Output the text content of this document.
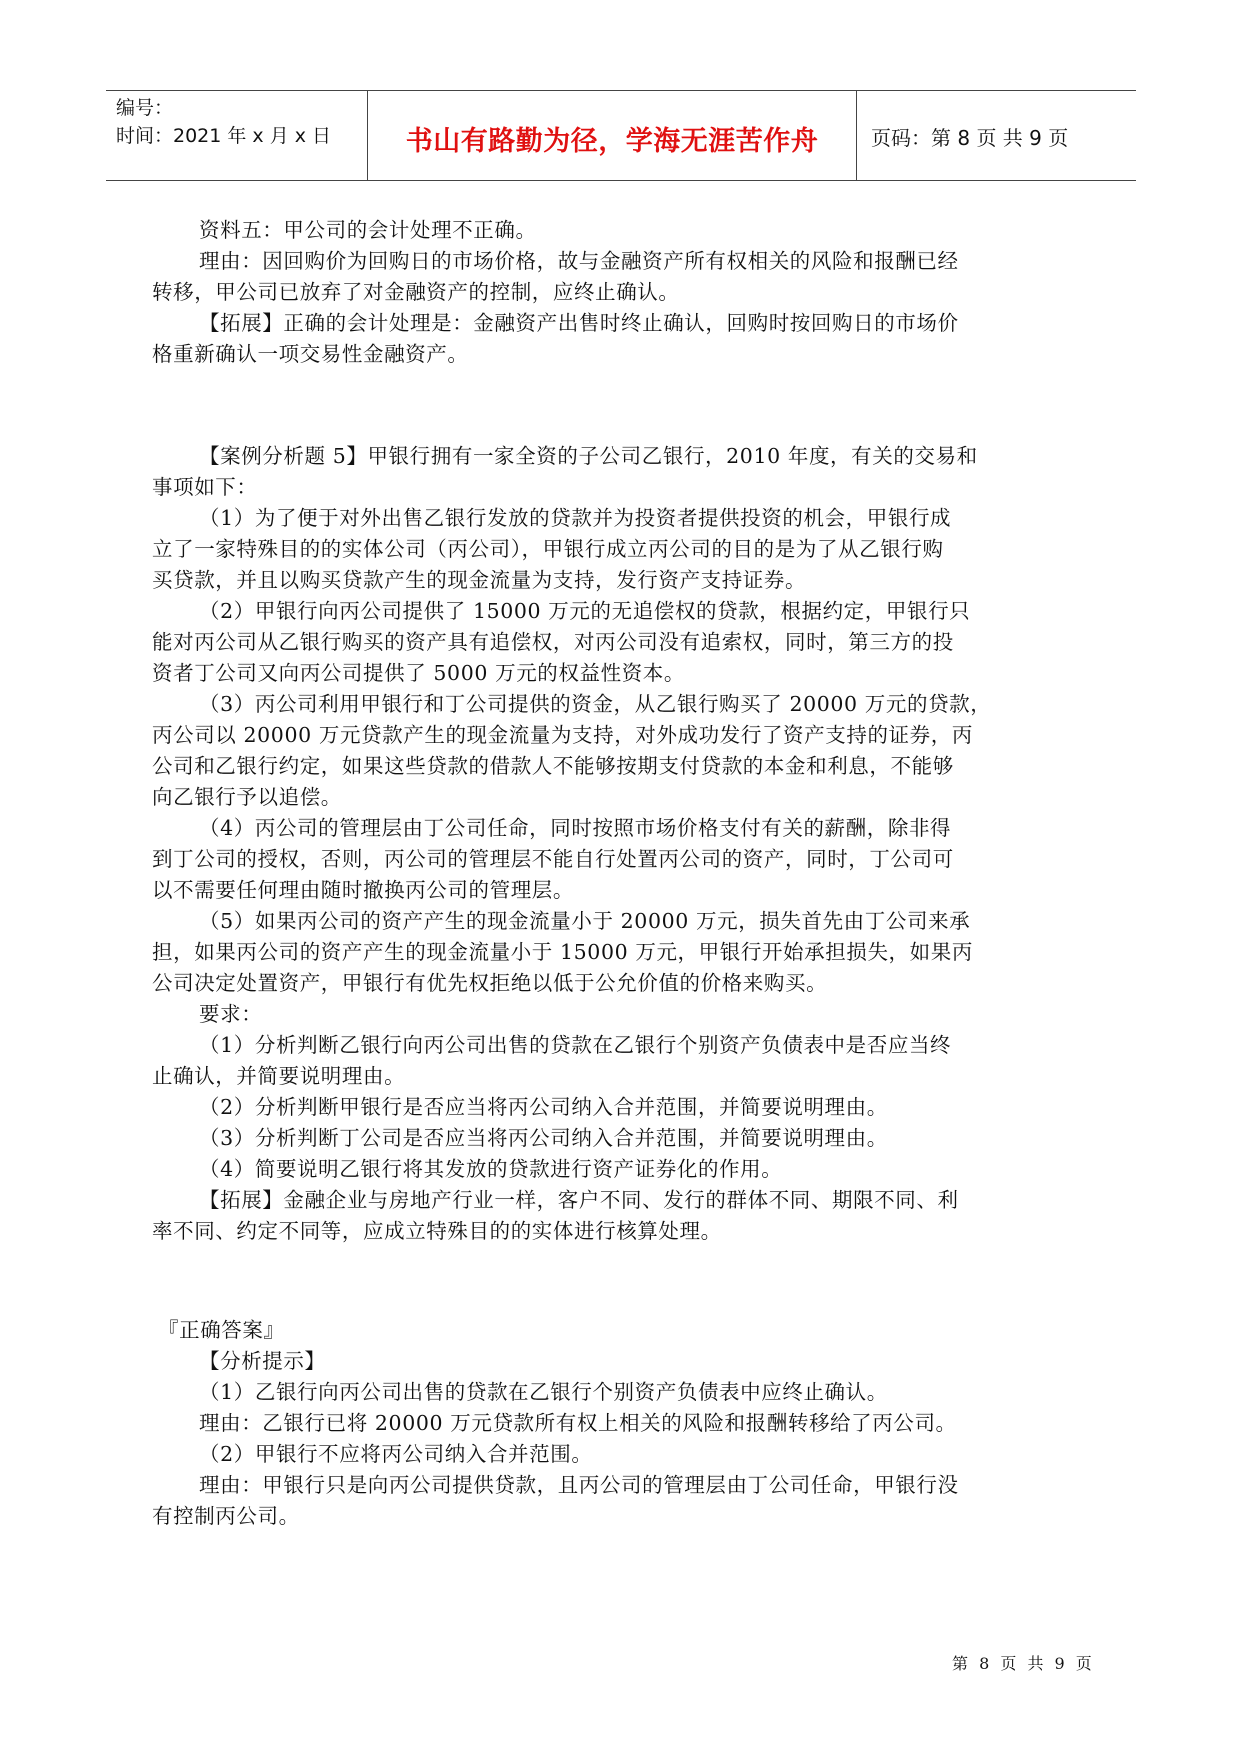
编号：
时间：2021 年 x 月 x 日	书山有路勤为径，学海无涯苦作舟	页码：第 8 页 共 9 页
资料五：甲公司的会计处理不正确。
理由：因回购价为回购日的市场价格，故与金融资产所有权相关的风险和报酬已经
转移，甲公司已放弃了对金融资产的控制，应终止确认。
【拓展】正确的会计处理是：金融资产出售时终止确认，回购时按回购日的市场价
格重新确认一项交易性金融资产。
【案例分析题 5】甲银行拥有一家全资的子公司乙银行，2010 年度，有关的交易和
事项如下：
（1）为了便于对外出售乙银行发放的贷款并为投资者提供投资的机会，甲银行成
立了一家特殊目的的实体公司（丙公司），甲银行成立丙公司的目的是为了从乙银行购
买贷款，并且以购买贷款产生的现金流量为支持，发行资产支持证券。
（2）甲银行向丙公司提供了 15000 万元的无追偿权的贷款，根据约定，甲银行只
能对丙公司从乙银行购买的资产具有追偿权，对丙公司没有追索权，同时，第三方的投
资者丁公司又向丙公司提供了 5000 万元的权益性资本。
（3）丙公司利用甲银行和丁公司提供的资金，从乙银行购买了 20000 万元的贷款，
丙公司以 20000 万元贷款产生的现金流量为支持，对外成功发行了资产支持的证券，丙
公司和乙银行约定，如果这些贷款的借款人不能够按期支付贷款的本金和利息，不能够
向乙银行予以追偿。
（4）丙公司的管理层由丁公司任命，同时按照市场价格支付有关的薪酬，除非得
到丁公司的授权，否则，丙公司的管理层不能自行处置丙公司的资产，同时，丁公司可
以不需要任何理由随时撤换丙公司的管理层。
（5）如果丙公司的资产产生的现金流量小于 20000 万元，损失首先由丁公司来承
担，如果丙公司的资产产生的现金流量小于 15000 万元，甲银行开始承担损失，如果丙
公司决定处置资产，甲银行有优先权拒绝以低于公允价值的价格来购买。
要求：
（1）分析判断乙银行向丙公司出售的贷款在乙银行个别资产负债表中是否应当终
止确认，并简要说明理由。
（2）分析判断甲银行是否应当将丙公司纳入合并范围，并简要说明理由。
（3）分析判断丁公司是否应当将丙公司纳入合并范围，并简要说明理由。
（4）简要说明乙银行将其发放的贷款进行资产证券化的作用。
【拓展】金融企业与房地产行业一样，客户不同、发行的群体不同、期限不同、利
率不同、约定不同等，应成立特殊目的的实体进行核算处理。
『正确答案』
【分析提示】
（1）乙银行向丙公司出售的贷款在乙银行个别资产负债表中应终止确认。
理由：乙银行已将 20000 万元贷款所有权上相关的风险和报酬转移给了丙公司。
（2）甲银行不应将丙公司纳入合并范围。
理由：甲银行只是向丙公司提供贷款，且丙公司的管理层由丁公司任命，甲银行没
有控制丙公司。
第 8 页 共 9 页
